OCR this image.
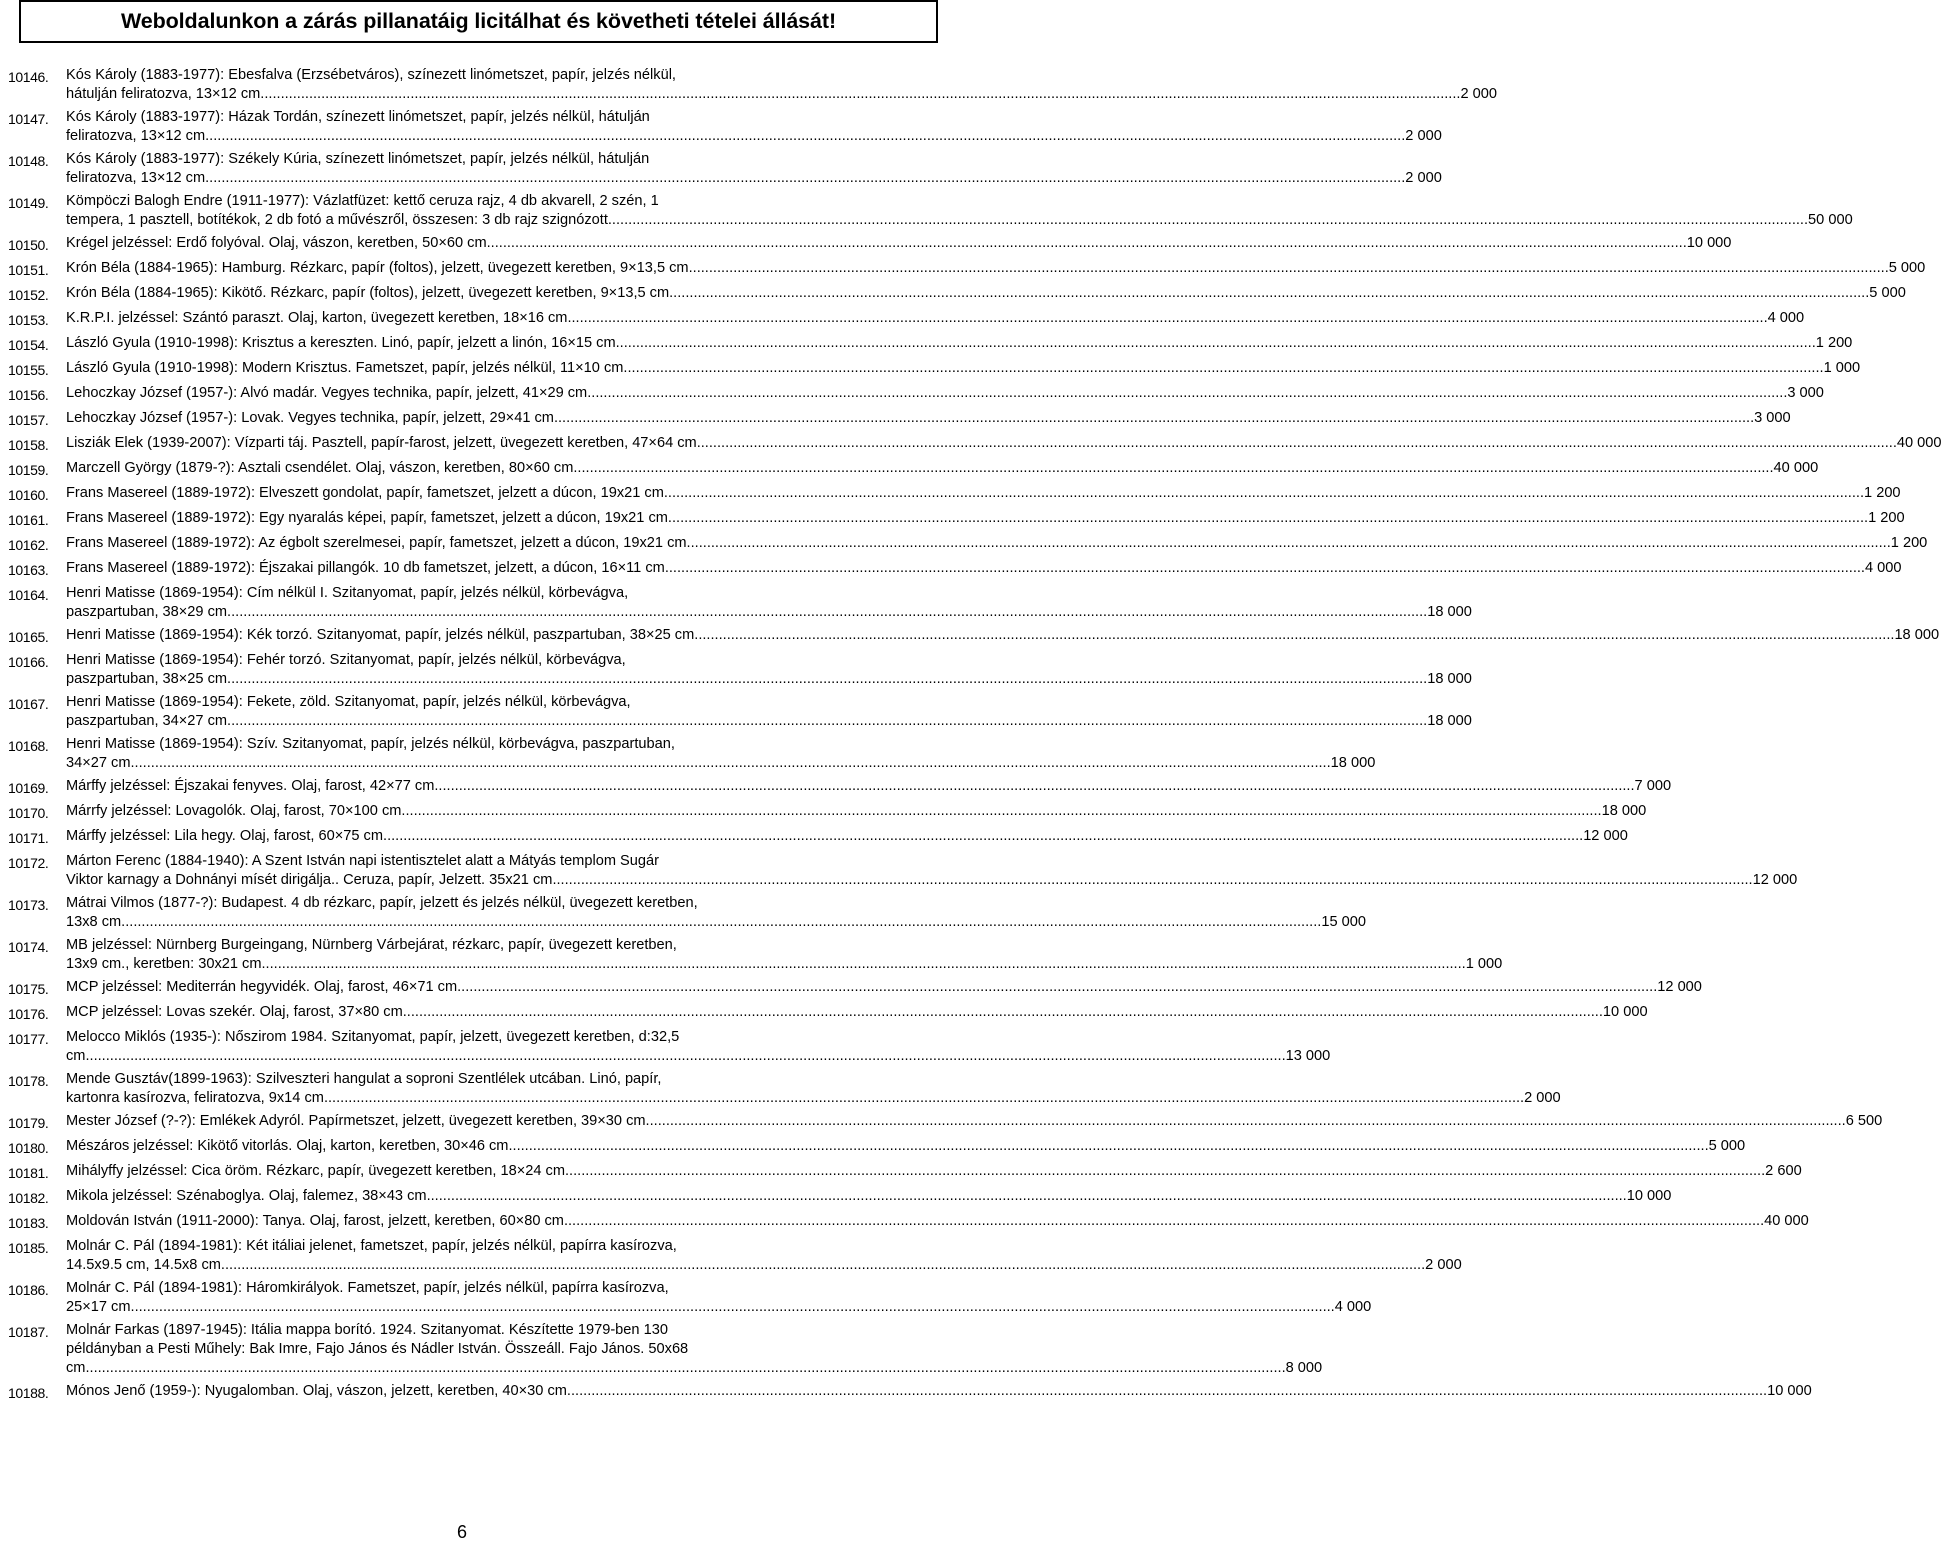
Weboldalunkon a zárás pillanatáig licitálhat és követheti tételei állását!
10146.	Kós Károly (1883-1977): Ebesfalva (Erzsébetváros), színezett linómetszet, papír, jelzés nélkül,
hátulján feliratozva, 13×12 cm .....	2 000
10147.	Kós Károly (1883-1977): Házak Tordán, színezett linómetszet, papír, jelzés nélkül, hátulján
feliratozva, 13×12 cm .....	2 000
10148.	Kós Károly (1883-1977): Székely Kúria, színezett linómetszet, papír, jelzés nélkül, hátulján
feliratozva, 13×12 cm .....	2 000
10149.	Kömpöczi Balogh Endre (1911-1977): Vázlatfüzet: kettő ceruza rajz, 4 db akvarell, 2 szén, 1
tempera, 1 pasztell, botítékok, 2 db fotó a művészről, összesen: 3 db rajz szignózott .....	50 000
10150.	Krégel jelzéssel: Erdő folyóval. Olaj, vászon, keretben, 50×60 cm .....	10 000
10151.	Krón Béla (1884-1965): Hamburg. Rézkarc, papír (foltos), jelzett, üvegezett keretben, 9×13,5 cm .....	5 000
10152.	Krón Béla (1884-1965): Kikötő. Rézkarc, papír (foltos), jelzett, üvegezett keretben, 9×13,5 cm .....	5 000
10153.	K.R.P.I. jelzéssel: Szántó paraszt. Olaj, karton, üvegezett keretben, 18×16 cm .....	4 000
10154.	László Gyula (1910-1998): Krisztus a kereszten. Linó, papír, jelzett a linón, 16×15 cm .....	1 200
10155.	László Gyula (1910-1998): Modern Krisztus. Fametszet, papír, jelzés nélkül, 11×10 cm .....	1 000
10156.	Lehoczkay József (1957-): Alvó madár. Vegyes technika, papír, jelzett, 41×29 cm .....	3 000
10157.	Lehoczkay József (1957-): Lovak. Vegyes technika, papír, jelzett, 29×41 cm .....	3 000
10158.	Lisziák Elek (1939-2007): Vízparti táj. Pasztell, papír-farost, jelzett, üvegezett keretben, 47×64 cm .....	40 000
10159.	Marczell György (1879-?): Asztali csendélet. Olaj, vászon, keretben, 80×60 cm .....	40 000
10160.	Frans Masereel (1889-1972): Elveszett gondolat, papír, fametszet, jelzett a dúcon, 19x21 cm .....	1 200
10161.	Frans Masereel (1889-1972): Egy nyaralás képei, papír, fametszet, jelzett a dúcon, 19x21 cm .....	1 200
10162.	Frans Masereel (1889-1972): Az égbolt szerelmesei, papír, fametszet, jelzett a dúcon, 19x21 cm. .....	1 200
10163.	Frans Masereel (1889-1972): Éjszakai pillangók. 10 db fametszet, jelzett, a dúcon, 16×11 cm .....	4 000
10164.	Henri Matisse (1869-1954): Cím nélkül I. Szitanyomat, papír, jelzés nélkül, körbevágva,
paszpartuban, 38×29 cm .....	18 000
10165.	Henri Matisse (1869-1954): Kék torzó. Szitanyomat, papír, jelzés nélkül, paszpartuban, 38×25 cm .....	18 000
10166.	Henri Matisse (1869-1954): Fehér torzó. Szitanyomat, papír, jelzés nélkül, körbevágva,
paszpartuban, 38×25 cm .....	18 000
10167.	Henri Matisse (1869-1954): Fekete, zöld. Szitanyomat, papír, jelzés nélkül, körbevágva,
paszpartuban, 34×27 cm .....	18 000
10168.	Henri Matisse (1869-1954): Szív. Szitanyomat, papír, jelzés nélkül, körbevágva, paszpartuban,
34×27 cm .....	18 000
10169.	Márffy jelzéssel: Éjszakai fenyves. Olaj, farost, 42×77 cm .....	7 000
10170.	Márrfy jelzéssel: Lovagolók. Olaj, farost, 70×100 cm .....	18 000
10171.	Márffy jelzéssel: Lila hegy. Olaj, farost, 60×75 cm .....	12 000
10172.	Márton Ferenc (1884-1940): A Szent István napi istentisztelet alatt a Mátyás templom Sugár
Viktor karnagy a Dohnányi mísét dirigálja.. Ceruza, papír, Jelzett. 35x21 cm .....	12 000
10173.	Mátrai Vilmos (1877-?): Budapest. 4 db rézkarc, papír, jelzett és jelzés nélkül, üvegezett keretben,
13x8 cm .....	15 000
10174.	MB jelzéssel: Nürnberg Burgeingang, Nürnberg Várbejárat, rézkarc, papír, üvegezett keretben,
13x9 cm., keretben: 30x21 cm. .....	1 000
10175.	MCP jelzéssel: Mediterrán hegyvidék. Olaj, farost, 46×71 cm .....	12 000
10176.	MCP jelzéssel: Lovas szekér. Olaj, farost, 37×80 cm .....	10 000
10177.	Melocco Miklós (1935-): Nőszirom 1984. Szitanyomat, papír, jelzett, üvegezett keretben, d:32,5
cm .....	13 000
10178.	Mende Gusztáv(1899-1963): Szilveszteri hangulat a soproni Szentlélek utcában. Linó, papír,
kartonra kasírozva, feliratozva, 9x14 cm .....	2 000
10179.	Mester József (?-?): Emlékek Adyról. Papírmetszet, jelzett, üvegezett keretben, 39×30 cm .....	6 500
10180.	Mészáros jelzéssel: Kikötő vitorlás. Olaj, karton, keretben, 30×46 cm .....	5 000
10181.	Mihályffy jelzéssel: Cica öröm. Rézkarc, papír, üvegezett keretben, 18×24 cm .....	2 600
10182.	Mikola jelzéssel: Szénaboglya. Olaj, falemez, 38×43 cm .....	10 000
10183.	Moldován István (1911-2000): Tanya. Olaj, farost, jelzett, keretben, 60×80 cm .....	40 000
10185.	Molnár C. Pál (1894-1981): Két itáliai jelenet, fametszet, papír, jelzés nélkül, papírra kasírozva,
14.5x9.5 cm, 14.5x8 cm. .....	2 000
10186.	Molnár C. Pál (1894-1981): Háromkirályok. Fametszet, papír, jelzés nélkül, papírra kasírozva,
25×17 cm. .....	4 000
10187.	Molnár Farkas (1897-1945): Itália mappa borító. 1924. Szitanyomat. Készítette 1979-ben 130
példányban a Pesti Műhely: Bak Imre, Fajo János és Nádler István. Összeáll. Fajo János. 50x68
cm .....	8 000
10188.	Mónos Jenő (1959-): Nyugalomban. Olaj, vászon, jelzett, keretben, 40×30 cm .....	10 000
6
